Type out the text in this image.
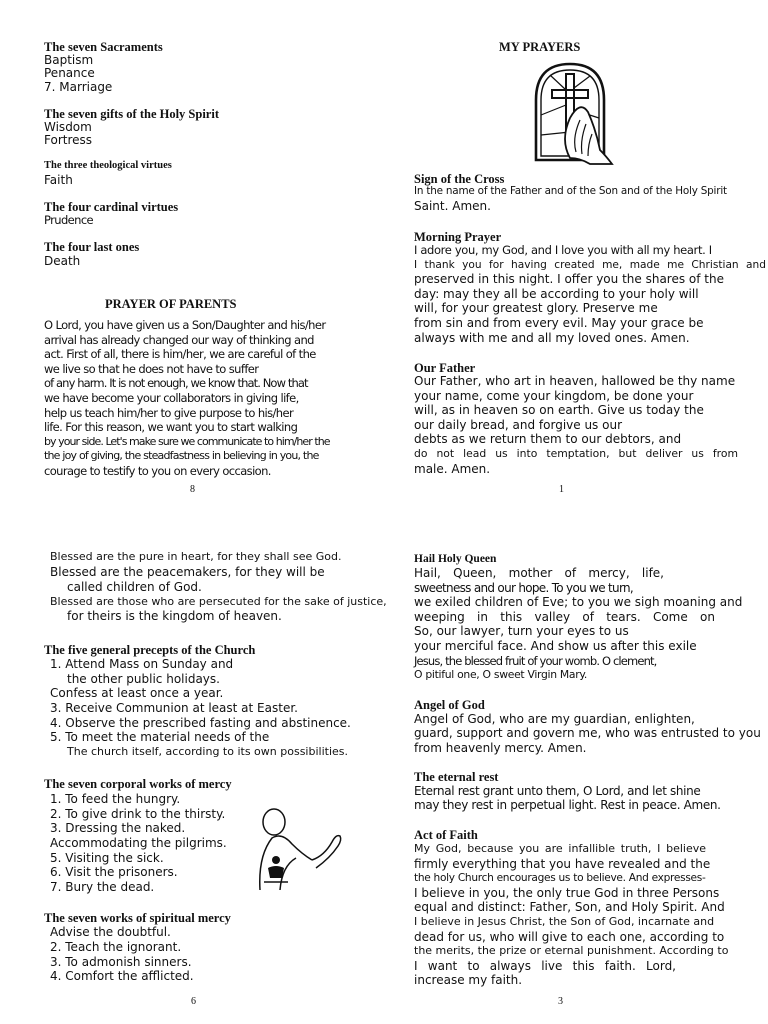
The seven Sacraments
Baptism
Penance
7. Marriage
The seven gifts of the Holy Spirit
Wisdom
Fortress
The three theological virtues
Faith
The four cardinal virtues
Prudence
The four last ones
Death
PRAYER OF PARENTS
O Lord, you have given us a Son/Daughter and his/her
arrival has already changed our way of thinking and
act. First of all, there is him/her, we are careful of the
we live so that he does not have to suffer
of any harm. It is not enough, we know that. Now that
we have become your collaborators in giving life,
help us teach him/her to give purpose to his/her
life. For this reason, we want you to start walking
by your side. Let's make sure we communicate to him/her the
the joy of giving, the steadfastness in believing in you, the
courage to testify to you on every occasion.
8
MY PRAYERS
Sign of the Cross
In the name of the Father and of the Son and of the Holy Spirit
Saint. Amen.
Morning Prayer
I adore you, my God, and I love you with all my heart. I
I thank you for having created me, made me Christian and
preserved in this night. I offer you the shares of the
day: may they all be according to your holy will
will, for your greatest glory. Preserve me
from sin and from every evil. May your grace be
always with me and all my loved ones. Amen.
Our Father
Our Father, who art in heaven, hallowed be thy name
your name, come your kingdom, be done your
will, as in heaven so on earth. Give us today the
our daily bread, and forgive us our
debts as we return them to our debtors, and
do not lead us into temptation, but deliver us from
male. Amen.
1
Blessed are the pure in heart, for they shall see God.
Blessed are the peacemakers, for they will be
called children of God.
Blessed are those who are persecuted for the sake of justice,
for theirs is the kingdom of heaven.
The five general precepts of the Church
1. Attend Mass on Sunday and
the other public holidays.
Confess at least once a year.
3. Receive Communion at least at Easter.
4. Observe the prescribed fasting and abstinence.
5. To meet the material needs of the
The church itself, according to its own possibilities.
The seven corporal works of mercy
1. To feed the hungry.
2. To give drink to the thirsty.
3. Dressing the naked.
Accommodating the pilgrims.
5. Visiting the sick.
6. Visit the prisoners.
7. Bury the dead.
The seven works of spiritual mercy
Advise the doubtful.
2. Teach the ignorant.
3. To admonish sinners.
4. Comfort the afflicted.
6
Hail Holy Queen
Hail, Queen, mother of mercy, life,
sweetness and our hope. To you we turn,
we exiled children of Eve; to you we sigh moaning and
weeping in this valley of tears. Come on
So, our lawyer, turn your eyes to us
your merciful face. And show us after this exile
Jesus, the blessed fruit of your womb. O clement,
O pitiful one, O sweet Virgin Mary.
Angel of God
Angel of God, who are my guardian, enlighten,
guard, support and govern me, who was entrusted to you
from heavenly mercy. Amen.
The eternal rest
Eternal rest grant unto them, O Lord, and let shine
may they rest in perpetual light. Rest in peace. Amen.
Act of Faith
My God, because you are infallible truth, I believe
firmly everything that you have revealed and the
the holy Church encourages us to believe. And expresses-
I believe in you, the only true God in three Persons
equal and distinct: Father, Son, and Holy Spirit. And
I believe in Jesus Christ, the Son of God, incarnate and
dead for us, who will give to each one, according to
the merits, the prize or eternal punishment. According to
I want to always live this faith. Lord,
increase my faith.
3
